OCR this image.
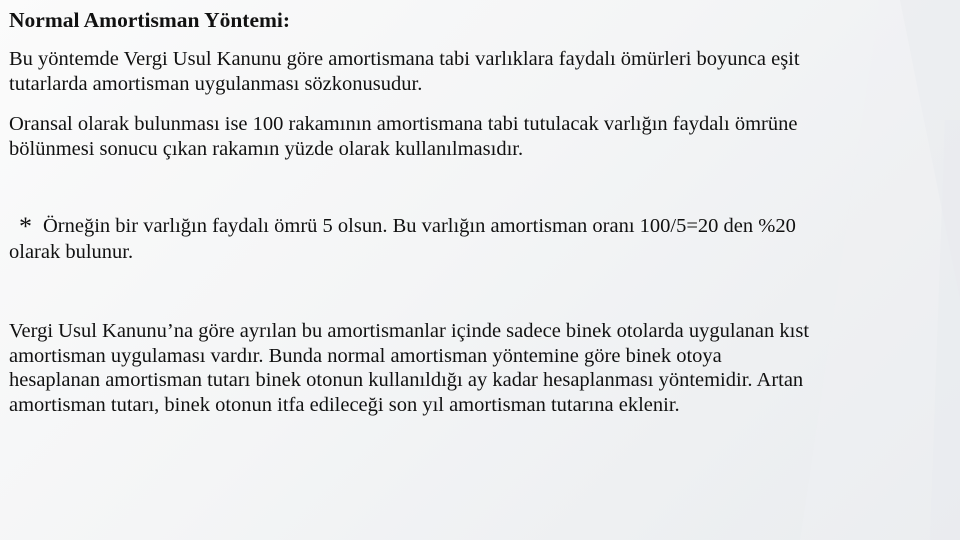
Normal Amortisman Yöntemi:
Bu yöntemde Vergi Usul Kanunu göre amortismana tabi varlıklara faydalı ömürleri boyunca eşit
tutarlarda amortisman uygulanması sözkonusudur.
Oransal olarak bulunması ise 100 rakamının amortismana tabi tutulacak varlığın faydalı ömrüne
bölünmesi sonucu çıkan rakamın yüzde olarak kullanılmasıdır.
* Örneğin bir varlığın faydalı ömrü 5 olsun. Bu varlığın amortisman oranı 100/5=20 den %20
olarak bulunur.
Vergi Usul Kanunu’na göre ayrılan bu amortismanlar içinde sadece binek otolarda uygulanan kıst
amortisman uygulaması vardır. Bunda normal amortisman yöntemine göre binek otoya
hesaplanan amortisman tutarı binek otonun kullanıldığı ay kadar hesaplanması yöntemidir. Artan
amortisman tutarı, binek otonun itfa edileceği son yıl amortisman tutarına eklenir.
